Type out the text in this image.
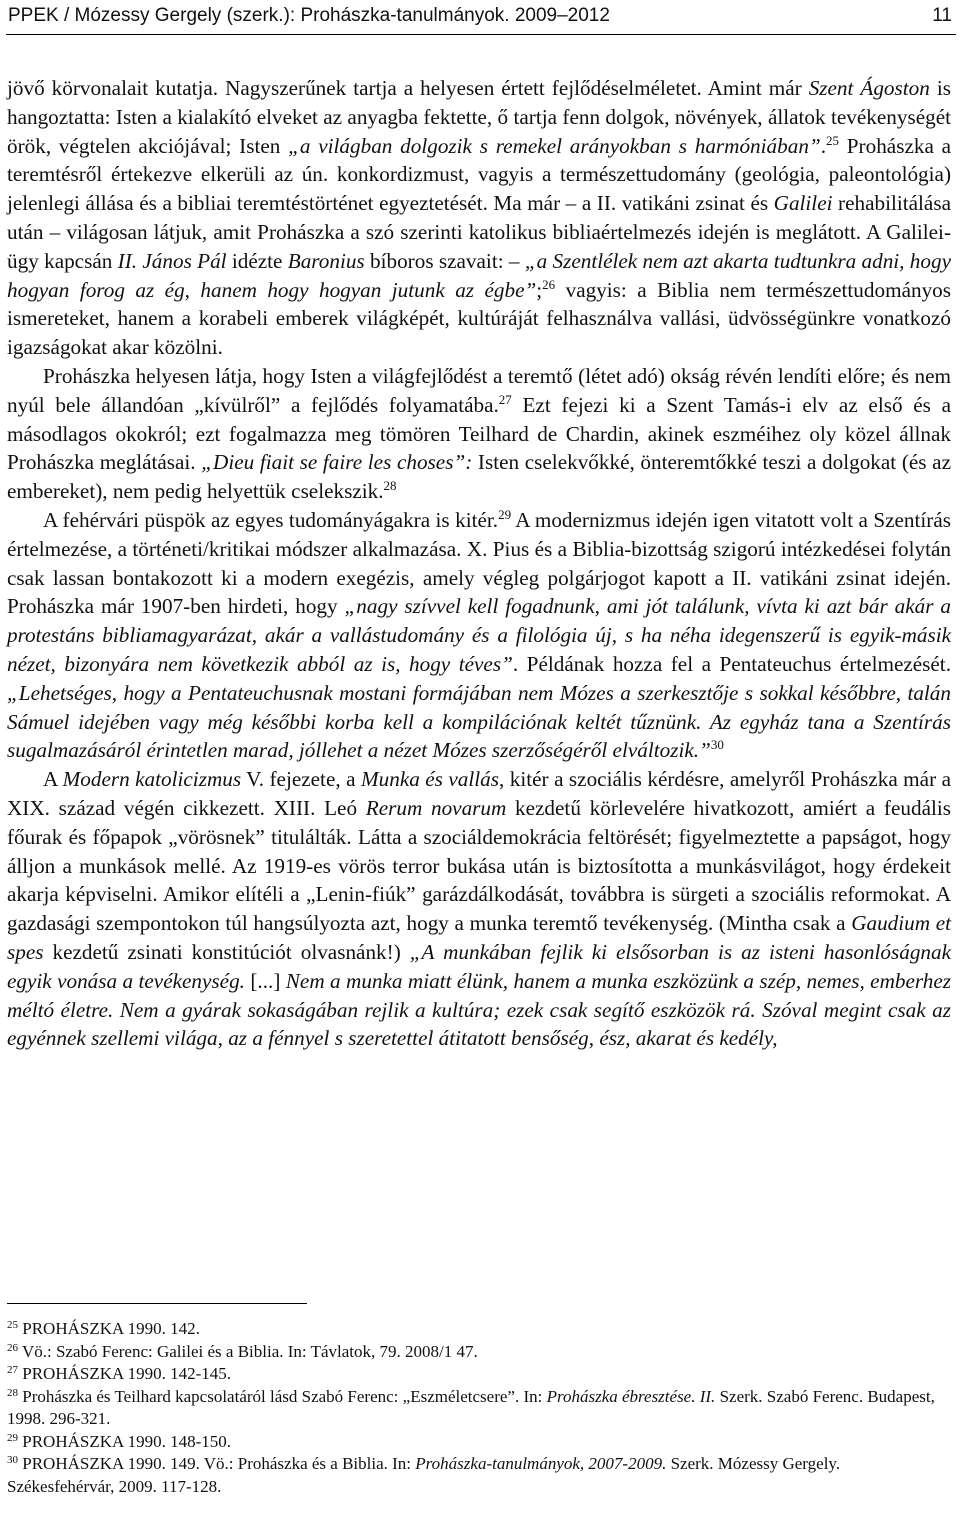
PPEK / Mózessy Gergely (szerk.): Prohászka-tanulmányok. 2009–2012	11

jövő körvonalait kutatja. Nagyszerűnek tartja a helyesen értett fejlődéselméletet. Amint már Szent Ágoston is hangoztatta: Isten a kialakító elveket az anyagba fektette, ő tartja fenn dolgok, növények, állatok tevékenységét örök, végtelen akciójával; Isten „a világban dolgozik s remekel arányokban s harmóniában”.$^{25}$ Prohászka a teremtésről értekezve elkerüli az ún. konkordizmust, vagyis a természettudomány (geológia, paleontológia) jelenlegi állása és a bibliai teremtéstörténet egyeztetését. Ma már – a II. vatikáni zsinat és Galilei rehabilitálása után – világosan látjuk, amit Prohászka a szó szerinti katolikus bibliaértelmezés idején is meglátott. A Galilei-ügy kapcsán II. János Pál idézte Baronius bíboros szavait: – „a Szentlélek nem azt akarta tudtunkra adni, hogy hogyan forog az ég, hanem hogy hogyan jutunk az égbe”;$^{26}$ vagyis: a Biblia nem természettudományos ismereteket, hanem a korabeli emberek világképét, kultúráját felhasználva vallási, üdvösségünkre vonatkozó igazságokat akar közölni.

Prohászka helyesen látja, hogy Isten a világfejlődést a teremtő (létet adó) okság révén lendíti előre; és nem nyúl bele állandóan „kívülről” a fejlődés folyamatába.$^{27}$ Ezt fejezi ki a Szent Tamás-i elv az első és a másodlagos okokról; ezt fogalmazza meg tömören Teilhard de Chardin, akinek eszméihez oly közel állnak Prohászka meglátásai. „Dieu fiait se faire les choses”: Isten cselekvőkké, önteremtőkké teszi a dolgokat (és az embereket), nem pedig helyettük cselekszik.$^{28}$

A fehérvári püspök az egyes tudományágakra is kitér.$^{29}$ A modernizmus idején igen vitatott volt a Szentírás értelmezése, a történeti/kritikai módszer alkalmazása. X. Pius és a Biblia-bizottság szigorú intézkedései folytán csak lassan bontakozott ki a modern exegézis, amely végleg polgárjogot kapott a II. vatikáni zsinat idején. Prohászka már 1907-ben hirdeti, hogy „nagy szívvel kell fogadnunk, ami jót találunk, vívta ki azt bár akár a protestáns bibliamagyarázat, akár a vallástudomány és a filológia új, s ha néha idegenszerű is egyik-másik nézet, bizonyára nem következik abból az is, hogy téves”. Példának hozza fel a Pentateuchus értelmezését. „Lehetséges, hogy a Pentateuchusnak mostani formájában nem Mózes a szerkesztője s sokkal későbbre, talán Sámuel idejében vagy még későbbi korba kell a kompilációnak keltét tűznünk. Az egyház tana a Szentírás sugalmazásáról érintetlen marad, jóllehet a nézet Mózes szerzőségéről elváltozik.”$^{30}$

A Modern katolicizmus V. fejezete, a Munka és vallás, kitér a szociális kérdésre, amelyről Prohászka már a XIX. század végén cikkezett. XIII. Leó Rerum novarum kezdetű körlevelére hivatkozott, amiért a feudális főurak és főpapok „vörösnek” titulálták. Látta a szociáldemokrácia feltörését; figyelmeztette a papságot, hogy álljon a munkások mellé. Az 1919-es vörös terror bukása után is biztosította a munkásvilágot, hogy érdekeit akarja képviselni. Amikor elítéli a „Lenin-fiúk” garázdálkodását, továbbra is sürgeti a szociális reformokat. A gazdasági szempontokon túl hangsúlyozta azt, hogy a munka teremtő tevékenység. (Mintha csak a Gaudium et spes kezdetű zsinati konstitúciót olvasnánk!) „A munkában fejlik ki elsősorban is az isteni hasonlóságnak egyik vonása a tevékenység. [...] Nem a munka miatt élünk, hanem a munka eszközünk a szép, nemes, emberhez méltó életre. Nem a gyárak sokaságában rejlik a kultúra; ezek csak segítő eszközök rá. Szóval megint csak az egyénnek szellemi világa, az a fénnyel s szeretettel átitatott bensőség, ész, akarat és kedély,

$^{25}$ PROHÁSZKA 1990. 142.

$^{26}$ Vö.: Szabó Ferenc: Galilei és a Biblia. In: Távlatok, 79. 2008/1 47.

$^{27}$ PROHÁSZKA 1990. 142-145.

$^{28}$ Prohászka és Teilhard kapcsolatáról lásd Szabó Ferenc: „Eszméletcsere”. In: Prohászka ébresztése. II. Szerk. Szabó Ferenc. Budapest, 1998. 296-321.

$^{29}$ PROHÁSZKA 1990. 148-150.

$^{30}$ PROHÁSZKA 1990. 149. Vö.: Prohászka és a Biblia. In: Prohászka-tanulmányok, 2007-2009. Szerk. Mózessy Gergely. Székesfehérvár, 2009. 117-128.
